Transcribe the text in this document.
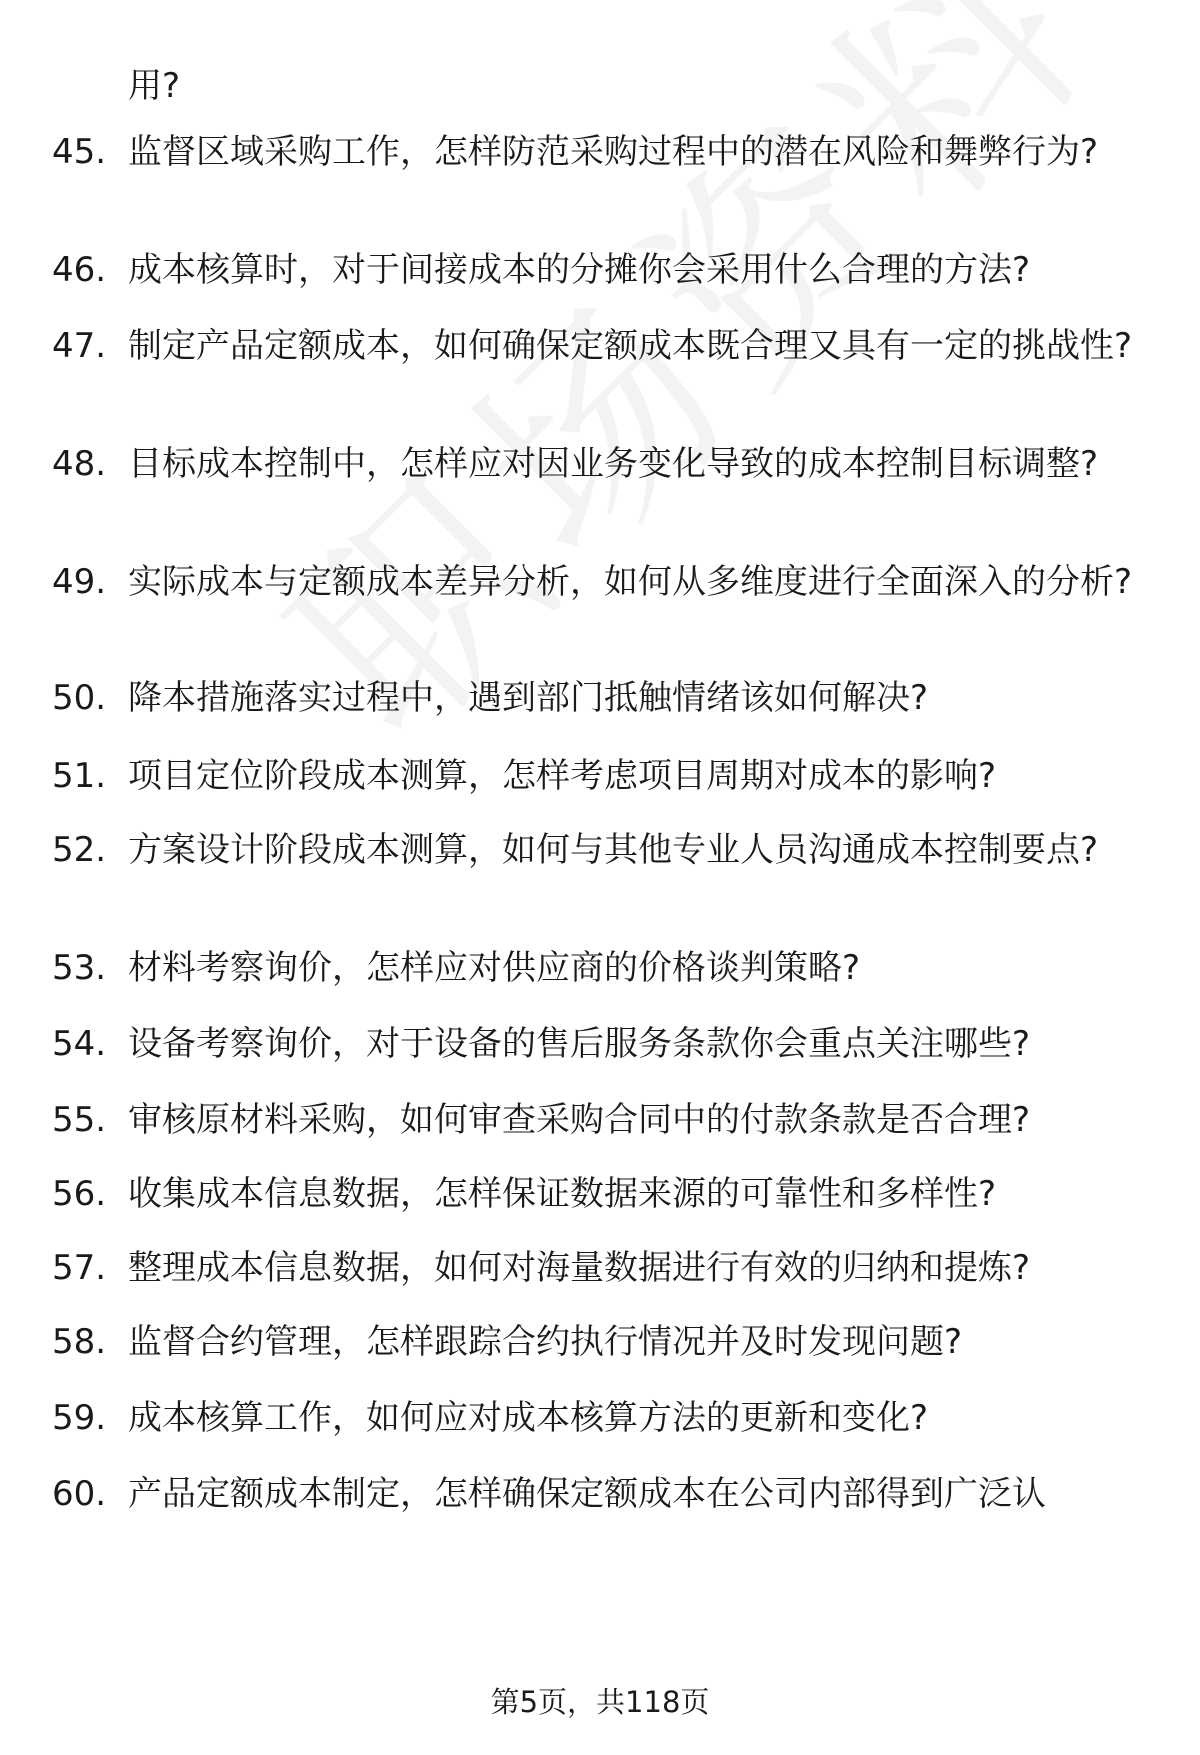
用?
45. 监督区域采购工作，怎样防范采购过程中的潜在风险和舞弊行为?
46. 成本核算时，对于间接成本的分摊你会采用什么合理的方法?
47. 制定产品定额成本，如何确保定额成本既合理又具有一定的挑战性?
48. 目标成本控制中，怎样应对因业务变化导致的成本控制目标调整?
49. 实际成本与定额成本差异分析，如何从多维度进行全面深入的分析?
50. 降本措施落实过程中，遇到部门抵触情绪该如何解决?
51. 项目定位阶段成本测算，怎样考虑项目周期对成本的影响?
52. 方案设计阶段成本测算，如何与其他专业人员沟通成本控制要点?
53. 材料考察询价，怎样应对供应商的价格谈判策略?
54. 设备考察询价，对于设备的售后服务条款你会重点关注哪些?
55. 审核原材料采购，如何审查采购合同中的付款条款是否合理?
56. 收集成本信息数据，怎样保证数据来源的可靠性和多样性?
57. 整理成本信息数据，如何对海量数据进行有效的归纳和提炼?
58. 监督合约管理，怎样跟踪合约执行情况并及时发现问题?
59. 成本核算工作，如何应对成本核算方法的更新和变化?
60. 产品定额成本制定，怎样确保定额成本在公司内部得到广泛认
第5页，共118页
